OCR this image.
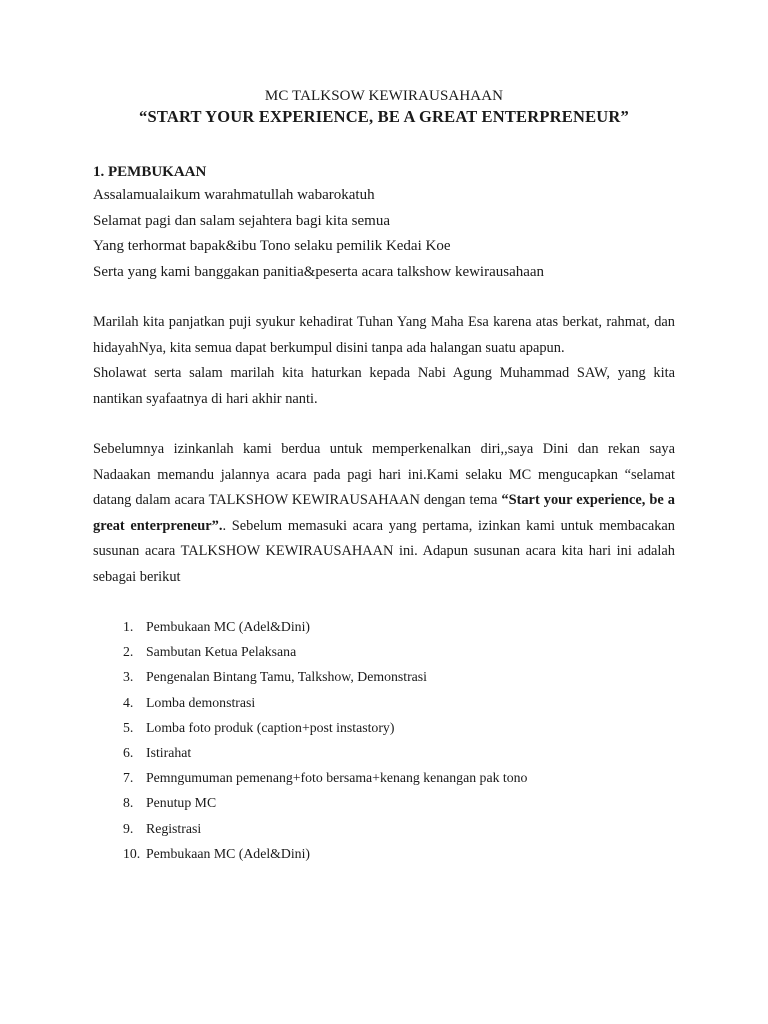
MC TALKSOW KEWIRAUSAHAAN

“START YOUR EXPERIENCE, BE A GREAT ENTERPRENEUR”

1. PEMBUKAAN

Assalamualaikum warahmatullah wabarokatuh

Selamat pagi dan salam sejahtera bagi kita semua

Yang terhormat bapak&ibu Tono selaku pemilik Kedai Koe

Serta yang kami banggakan panitia&peserta acara talkshow kewirausahaan

Marilah kita panjatkan puji syukur kehadirat Tuhan Yang Maha Esa karena atas berkat, rahmat, dan hidayahNya, kita semua dapat berkumpul disini tanpa ada halangan suatu apapun.

Sholawat serta salam marilah kita haturkan kepada Nabi Agung Muhammad SAW, yang kita nantikan syafaatnya di hari akhir nanti.

Sebelumnya izinkanlah kami berdua untuk memperkenalkan diri,,saya Dini dan rekan saya Nadaakan memandu jalannya acara pada pagi hari ini.Kami selaku MC mengucapkan “selamat datang dalam acara TALKSHOW KEWIRAUSAHAAN dengan tema “Start your experience, be a great enterpreneur”.. Sebelum memasuki acara yang pertama, izinkan kami untuk membacakan susunan acara TALKSHOW KEWIRAUSAHAAN ini. Adapun susunan acara kita hari ini adalah sebagai berikut

1. Pembukaan MC (Adel&Dini)
2. Sambutan Ketua Pelaksana
3. Pengenalan Bintang Tamu, Talkshow, Demonstrasi
4. Lomba demonstrasi
5. Lomba foto produk (caption+post instastory)
6. Istirahat
7. Pemngumuman pemenang+foto bersama+kenang kenangan pak tono
8. Penutup MC
9. Registrasi
10. Pembukaan MC (Adel&Dini)
